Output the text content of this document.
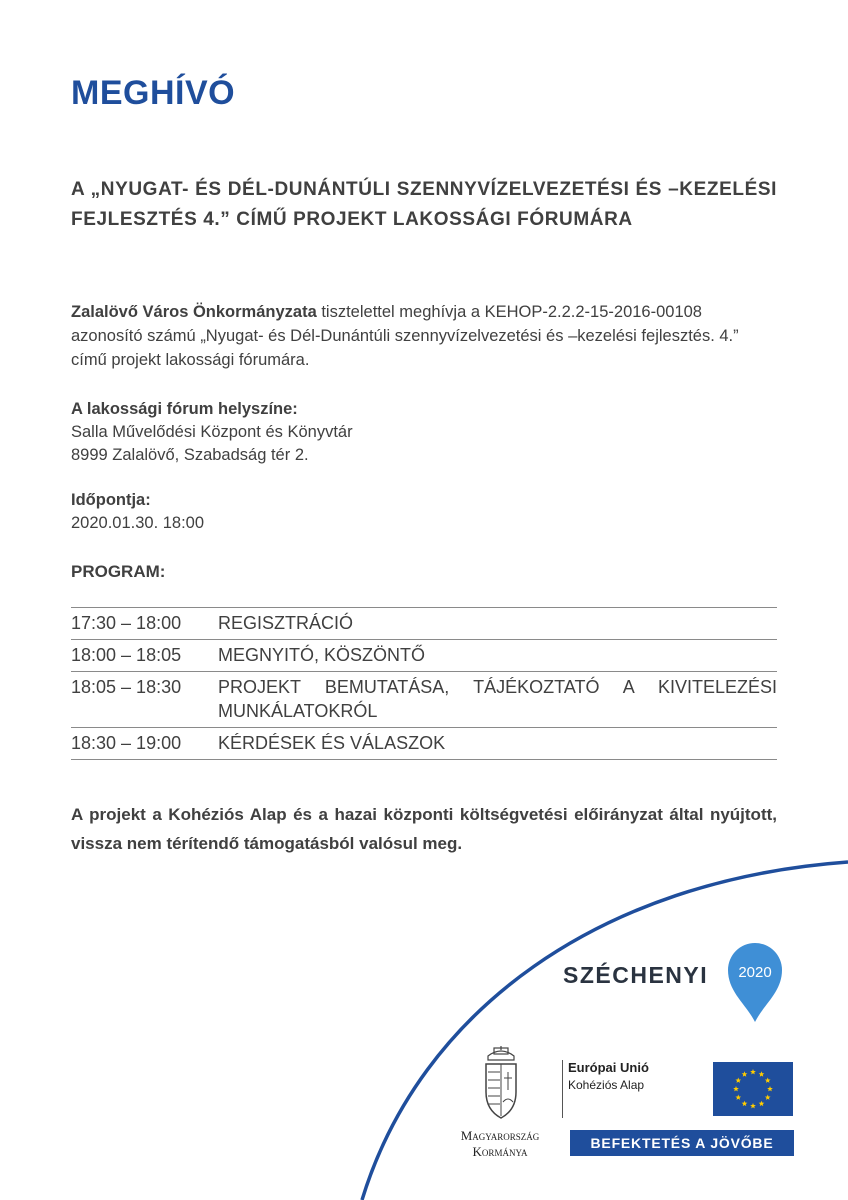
MEGHÍVÓ

A „NYUGAT- ÉS DÉL-DUNÁNTÚLI SZENNYVÍZELVEZETÉSI ÉS –KEZELÉSI FEJLESZTÉS 4.” CÍMŰ PROJEKT LAKOSSÁGI FÓRUMÁRA

Zalalövő Város Önkormányzata tisztelettel meghívja a KEHOP-2.2.2-15-2016-00108 azonosító számú „Nyugat- és Dél-Dunántúli szennyvízelvezetési és –kezelési fejlesztés. 4.” című projekt lakossági fórumára.

A lakossági fórum helyszíne:
Salla Művelődési Központ és Könyvtár
8999 Zalalövő, Szabadság tér 2.
Időpontja:
2020.01.30. 18:00

PROGRAM:

17:30 – 18:00	REGISZTRÁCIÓ
18:00 – 18:05	MEGNYITÓ, KÖSZÖNTŐ
18:05 – 18:30	PROJEKT BEMUTATÁSA, TÁJÉKOZTATÓ A KIVITELEZÉSI MUNKÁLATOKRÓL
18:30 – 19:00	KÉRDÉSEK ÉS VÁLASZOK

A projekt a Kohéziós Alap és a hazai központi költségvetési előirányzat által nyújtott, vissza nem térítendő támogatásból valósul meg.

SZÉCHENYI 2020
Magyarország
Kormánya
Európai Unió
Kohéziós Alap
BEFEKTETÉS A JÖVŐBE
